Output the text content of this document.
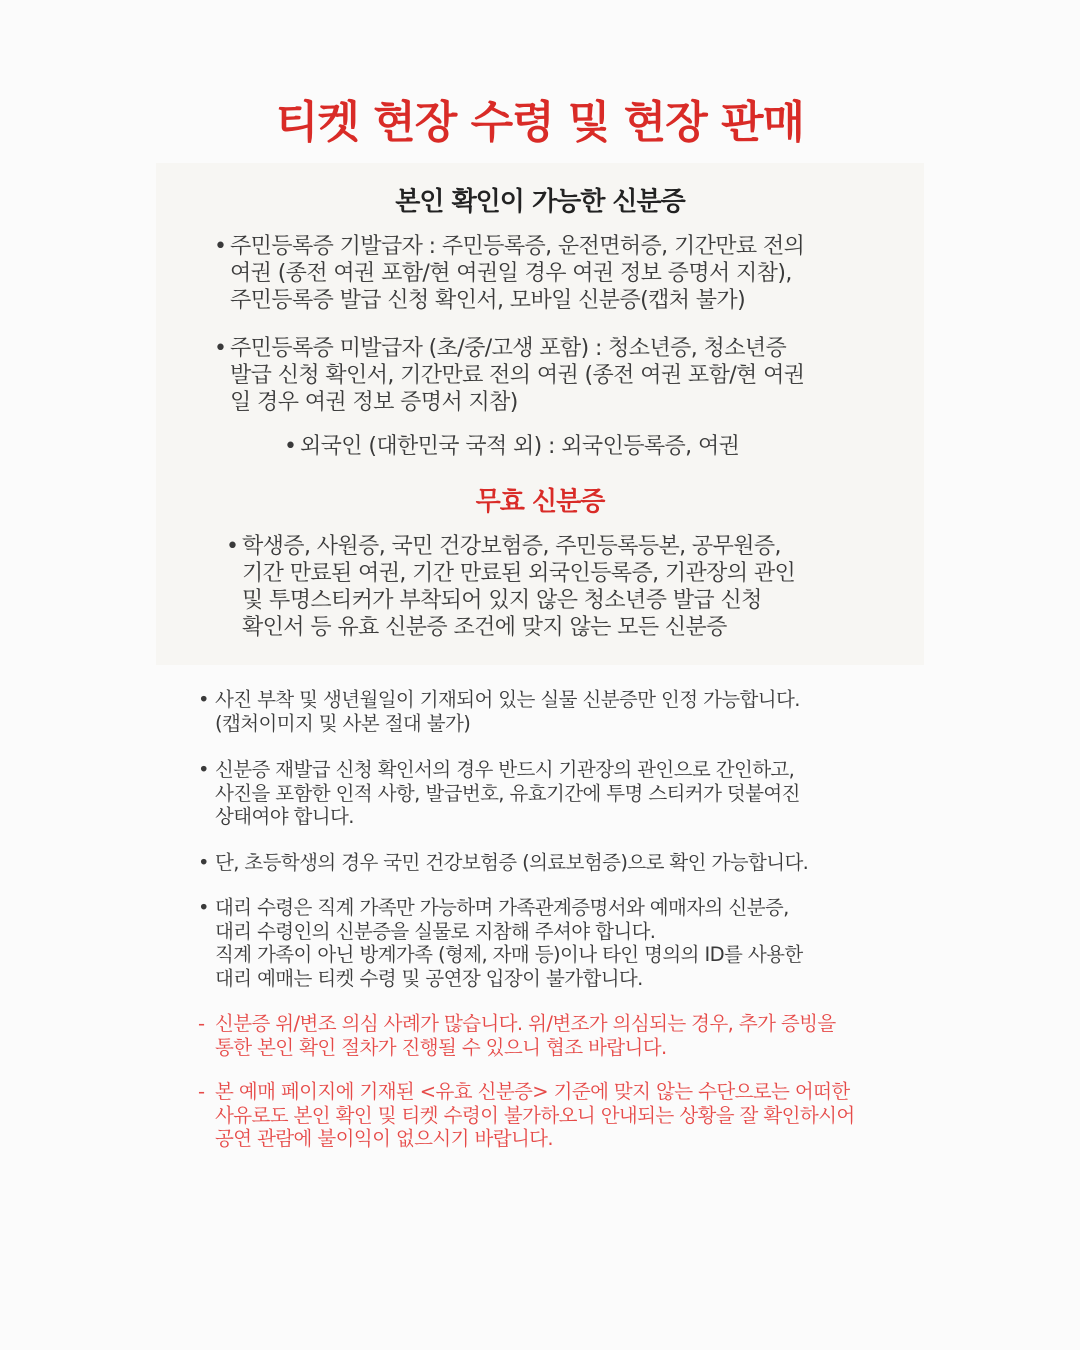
티켓 현장 수령 및 현장 판매
본인 확인이 가능한 신분증
• 주민등록증 기발급자 : 주민등록증, 운전면허증, 기간만료 전의
여권 (종전 여권 포함/현 여권일 경우 여권 정보 증명서 지참),
주민등록증 발급 신청 확인서, 모바일 신분증(캡처 불가)
• 주민등록증 미발급자 (초/중/고생 포함) : 청소년증, 청소년증
발급 신청 확인서, 기간만료 전의 여권 (종전 여권 포함/현 여권
일 경우 여권 정보 증명서 지참)
• 외국인 (대한민국 국적 외) : 외국인등록증, 여권
무효 신분증
• 학생증, 사원증, 국민 건강보험증, 주민등록등본, 공무원증,
기간 만료된 여권, 기간 만료된 외국인등록증, 기관장의 관인
및 투명스티커가 부착되어 있지 않은 청소년증 발급 신청
확인서 등 유효 신분증 조건에 맞지 않는 모든 신분증
• 사진 부착 및 생년월일이 기재되어 있는 실물 신분증만 인정 가능합니다.
(캡처이미지 및 사본 절대 불가)
• 신분증 재발급 신청 확인서의 경우 반드시 기관장의 관인으로 간인하고,
사진을 포함한 인적 사항, 발급번호, 유효기간에 투명 스티커가 덧붙여진
상태여야 합니다.
• 단, 초등학생의 경우 국민 건강보험증 (의료보험증)으로 확인 가능합니다.
• 대리 수령은 직계 가족만 가능하며 가족관계증명서와 예매자의 신분증,
대리 수령인의 신분증을 실물로 지참해 주셔야 합니다.
직계 가족이 아닌 방계가족 (형제, 자매 등)이나 타인 명의의 ID를 사용한
대리 예매는 티켓 수령 및 공연장 입장이 불가합니다.
- 신분증 위/변조 의심 사례가 많습니다. 위/변조가 의심되는 경우, 추가 증빙을
통한 본인 확인 절차가 진행될 수 있으니 협조 바랍니다.
- 본 예매 페이지에 기재된 <유효 신분증> 기준에 맞지 않는 수단으로는 어떠한
사유로도 본인 확인 및 티켓 수령이 불가하오니 안내되는 상황을 잘 확인하시어
공연 관람에 불이익이 없으시기 바랍니다.
